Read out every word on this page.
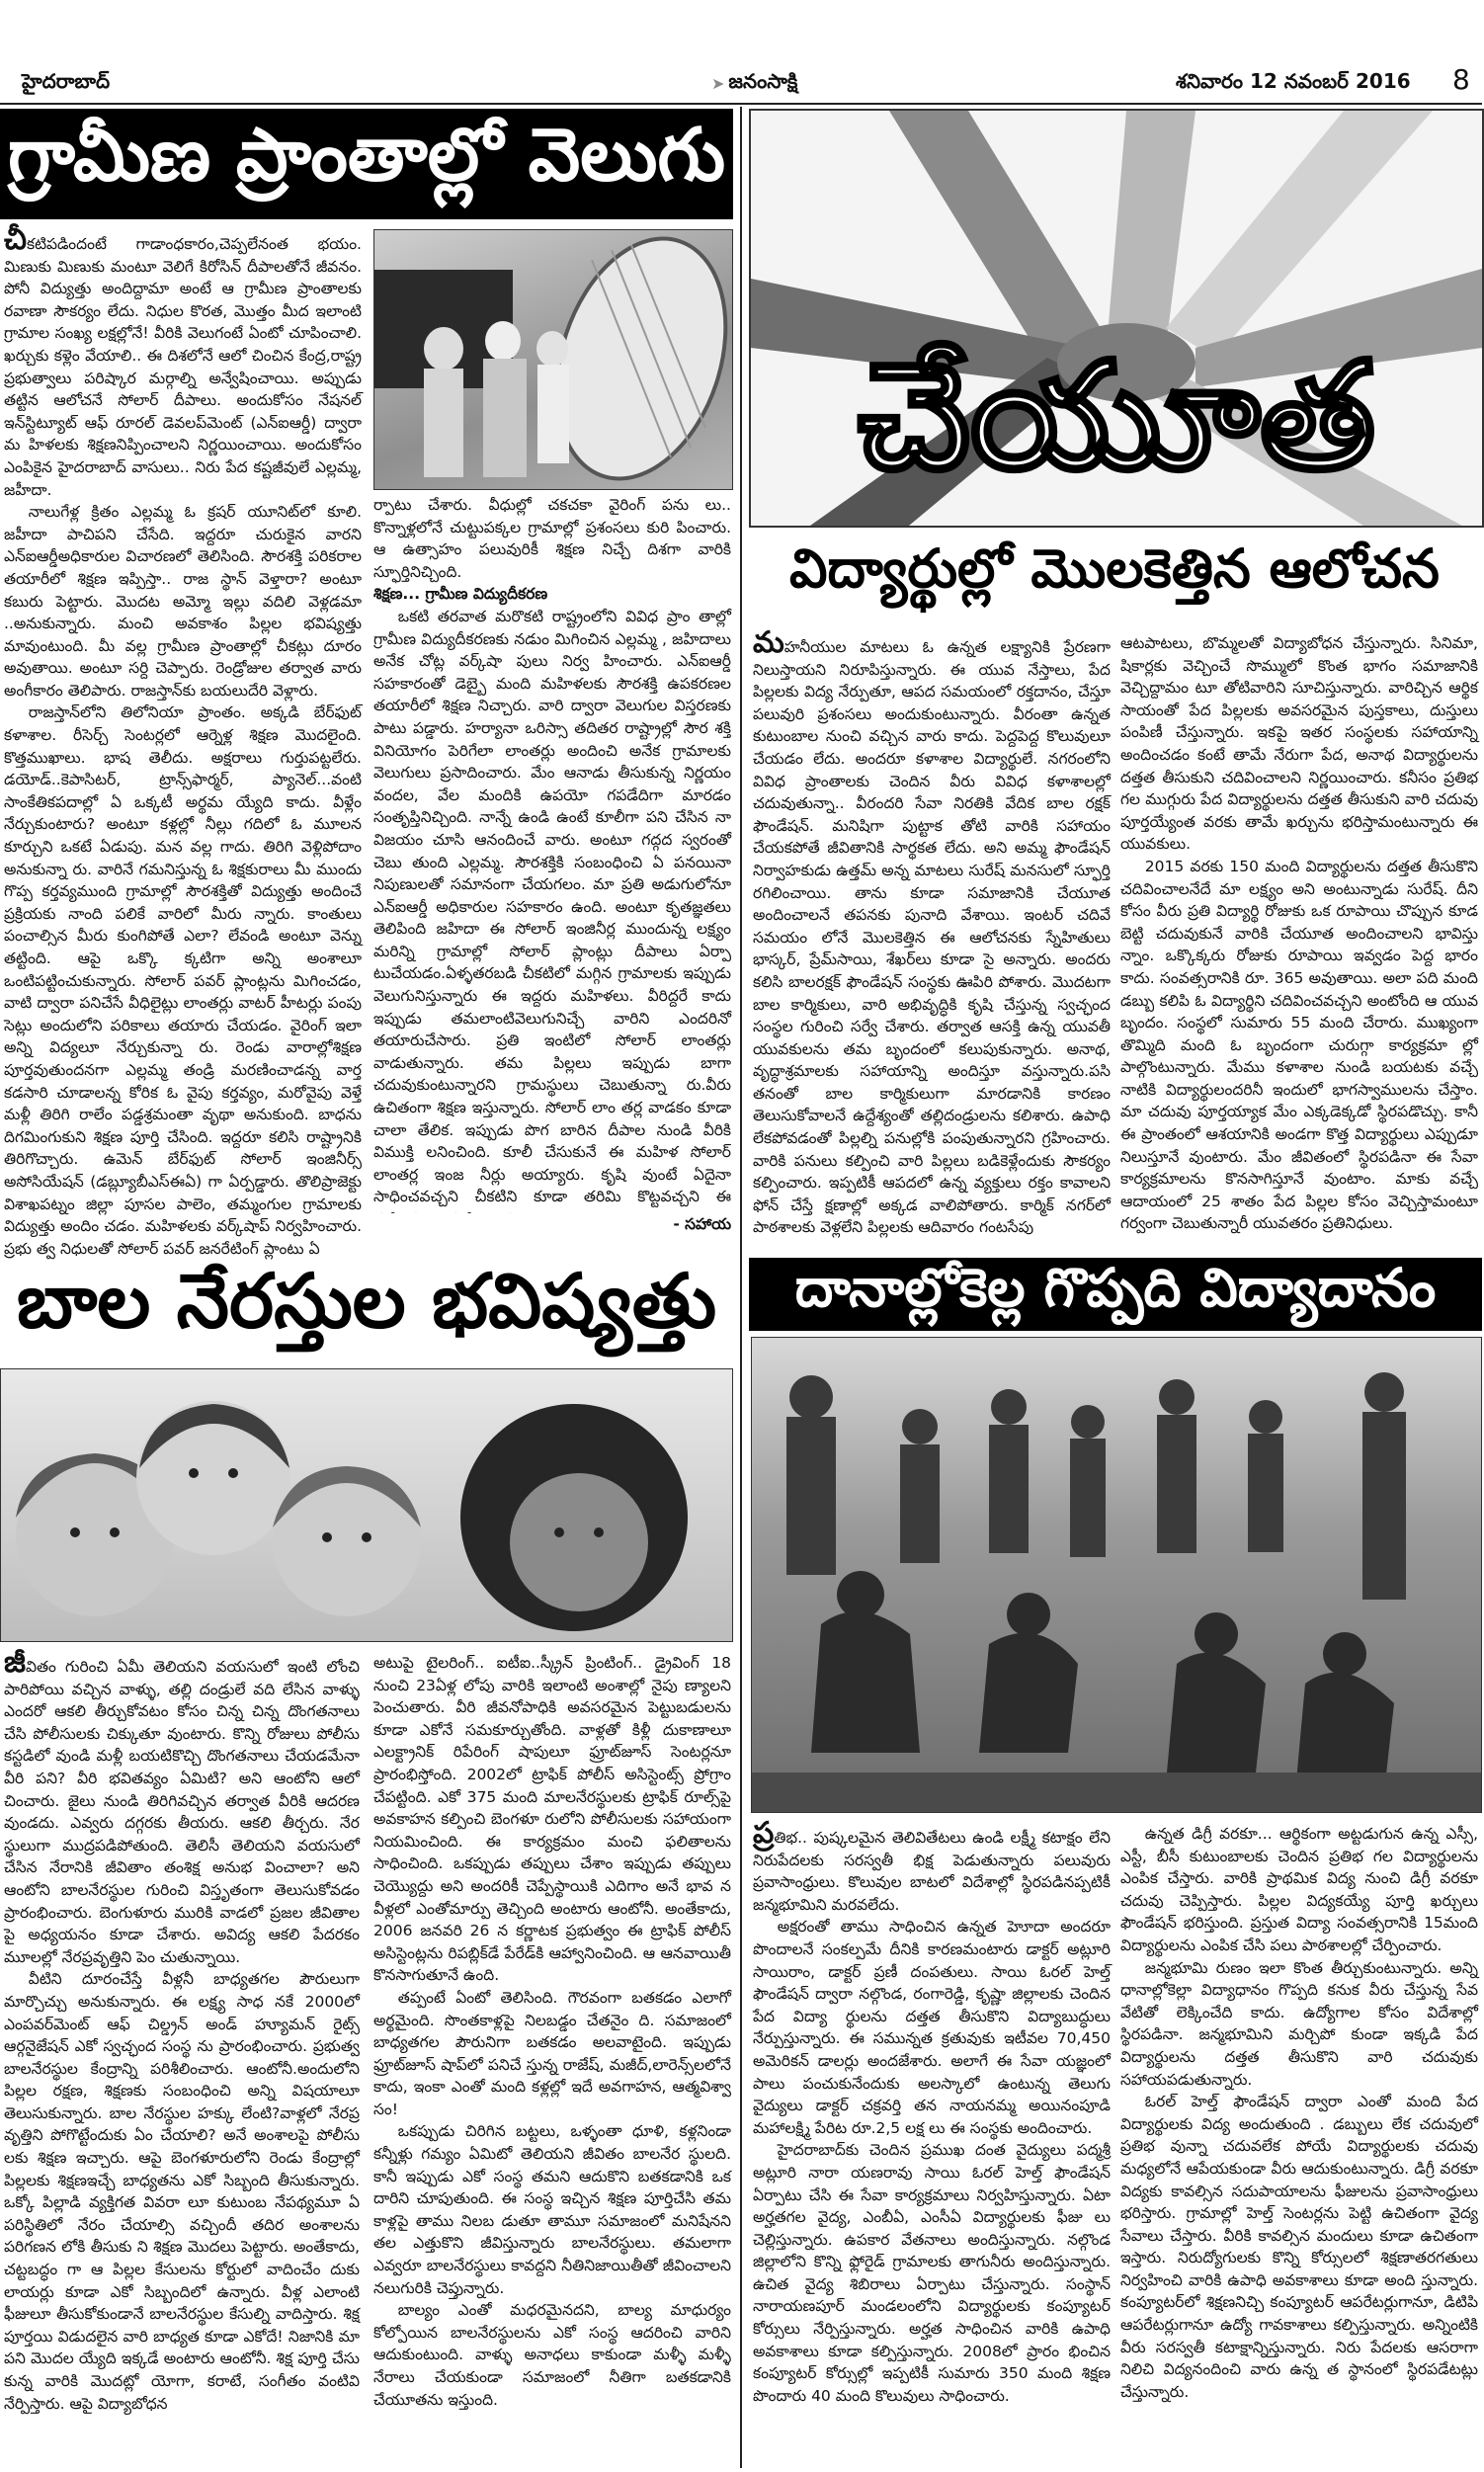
హైదరాబాద్	➤ జనంసాక్షి	శనివారం 12 నవంబర్ 2016 8
గ్రామీణ ప్రాంతాల్లో వెలుగు

చీకటిపడిందంటే గాడాంధకారం,చెప్పలేనంత భయం. మిణుకు మిణుకు మంటూ వెలిగే కిరోసిన్ దీపాలతోనే జీవనం. పోనీ విద్యుత్తు అందిద్దామా అంటే ఆ గ్రామీణ ప్రాంతాలకు రవాణా సౌకర్యం లేదు. నిధుల కొరత, మొత్తం మీద ఇలాంటి గ్రామాల సంఖ్య లక్షల్లోనే! వీరికి వెలుగంటే ఏంటో చూపించాలి. ఖర్చుకు కళ్లెం వేయాలి.. ఈ దిశలోనే ఆలో చించిన కేంద్ర,రాష్ట్ర ప్రభుత్వాలు పరిష్కార మర్గాల్ని అన్వేషించాయి. అప్పుడు తట్టిన ఆలోచనే సోలార్ దీపాలు. అందుకోసం నేషనల్ ఇన్‌స్టిట్యూట్ ఆఫ్ రూరల్ డెవలప్‌మెంట్ (ఎన్ఐఆర్డీ) ద్వారా మ హిళలకు శిక్షణనిప్పించాలని నిర్ణయించాయి. అందుకోసం ఎంపికైన హైదరాబాద్ వాసులు.. నిరు పేద కష్టజీవులే ఎల్లమ్మ, జహీదా.

నాలుగేళ్ల క్రితం ఎల్లమ్మ ఓ క్రషర్ యూనిట్‌లో కూలి. జహీదా పాచిపని చేసేది. ఇద్దరూ చురుకైన వారని ఎన్ఐఆర్డీఅధికారుల విచారణలో తెలిసింది. సౌరశక్తి పరికరాల తయారీలో శిక్షణ ఇప్పిస్తా.. రాజ స్థాన్ వెళ్తారా? అంటూ కబురు పెట్టారు. మొదట అమ్మో ఇల్లు వదిలి వెళ్లడమా ..అనుకున్నారు. మంచి అవకాశం పిల్లల భవిష్యత్తు మావుంటుంది. మీ వల్ల గ్రామీణ ప్రాంతాల్లో చీకట్లు దూరం అవుతాయి. అంటూ సర్ది చెప్పారు. రెండ్రోజుల తర్వాత వారు అంగీకారం తెలిపారు. రాజస్తాన్‌కు బయలుదేరి వెళ్లారు.

రాజస్తాన్‌లోని తిలోనియా ప్రాంతం. అక్కడి బేర్‌ఫుట్ కళాశాల. రీసెర్చ్ సెంటర్లలో ఆర్నెళ్ల శిక్షణ మొదలైంది. కొత్తముఖాలు. భాష తెలీదు. అక్షరాలు గుర్తుపట్టలేరు. డయోడ్..కెపాసిటర్, ట్రాన్స్‌ఫార్మర్, ప్యానెల్...వంటి సాంకేతికపదాల్లో ఏ ఒక్కటీ అర్థమ య్యేది కాదు. వీళ్లేం నేర్చుకుంటారు? అంటూ కళ్లల్లో నీల్లు గదిలో ఓ మూలన కూర్చుని ఒకటే ఏడుపు. మన వల్ల గాదు. తిరిగి వెళ్లిపోదాం అనుకున్నా రు. వారినే గమనిస్తున్న ఓ శిక్షకురాలు మీ ముందు గొప్ప కర్తవ్యముంది గ్రామాల్లో సౌరశక్తితో విద్యుత్తు అందించే ప్రక్రియకు నాంది పలికే వారిలో మీరు న్నారు. కాంతులు పంచాల్సిన మీరు కుంగిపోతే ఎలా? లేవండి అంటూ వెన్ను తట్టింది. ఆపై ఒక్కొ క్కటిగా అన్ని అంశాలూ ఒంటిపట్టించుకున్నారు. సోలార్ పవర్ ప్లాంట్లను మిగించడం, వాటి ద్వారా పనిచేసే వీధిలైట్లు లాంతర్లు వాటర్ హీటర్లు పంపు సెట్లు అందులోని పరికాలు తయారు చేయడం. వైరింగ్ ఇలా అన్ని విద్యలూ నేర్చుకున్నా రు. రెండు వారాల్లోశిక్షణ పూర్తవుతుందనగా ఎల్లమ్మ తండ్రి మరణించాడన్న వార్త కడసారి చూడాలన్న కోరిక ఓ వైపు కర్తవ్యం, మరోవైపు వెళ్తే మళ్లీ తిరిగి రాలేం పడ్డశ్రమంతా వృథా అనుకుంది. బాధను దిగమింగుకుని శిక్షణ పూర్తి చేసింది. ఇద్దరూ కలిసి రాష్ట్రానికి తిరిగొచ్చారు. ఉమెన్ బేర్‌ఫుట్ సోలార్ ఇంజినీర్స్ అసోసియేషన్ (డబ్ల్యూబీఎస్ఈఏ) గా ఏర్పడ్డారు. తొలిప్రాజెక్టు విశాఖపట్నం జిల్లా పూసల పాలెం, తమ్మంగుల గ్రామాలకు విద్యుత్తు అందిం చడం. మహిళలకు వర్క్‌షాప్ నిర్వహించారు. ప్రభు త్వ నిధులతో సోలార్ పవర్ జనరేటింగ్ ప్లాంటు ఏ

ర్పాటు చేశారు. వీధుల్లో చకచకా వైరింగ్ పను లు.. కొన్నాళ్లలోనే చుట్టుపక్కల గ్రామాల్లో ప్రశంసలు కురి పించారు. ఆ ఉత్సాహం పలువురికీ శిక్షణ నిచ్చే దిశగా వారికి స్ఫూర్తినిచ్చింది.

శిక్షణ... గ్రామీణ విద్యుదీకరణ

ఒకటి తరవాత మరొకటి రాష్ట్రంలోని వివిధ ప్రాం తాల్లో గ్రామీణ విద్యుదీకరణకు నడుం మిగించిన ఎల్లమ్మ , జహిదాలు అనేక చోట్ల వర్క్‌షా పులు నిర్వ హించారు. ఎన్ఐఆర్డీ సహకారంతో డెబ్బై మంది మహిళలకు సౌరశక్తి ఉపకరణల తయారీలో శిక్షణ నిచ్చారు. వారి ద్వారా వెలుగుల విస్తరణకు పాటు పడ్డారు. హర్యానా ఒరిస్సా తదితర రాష్ట్రాల్లో సౌర శక్తి వినియోగం పెరిగేలా లాంతర్లు అందించి అనేక గ్రామాలకు వెలుగులు ప్రసాదించారు. మేం ఆనాడు తీసుకున్న నిర్ణయం వందల, వేల మందికి ఉపయో గపడేదిగా మారడం సంతృప్తినిచ్చింది. నాన్నే ఉండి ఉంటే కూలీగా పని చేసిన నా విజయం చూసి ఆనందించే వారు. అంటూ గద్గద స్వరంతో చెబు తుంది ఎల్లమ్మ. సౌరశక్తికి సంబంధించి ఏ పనయినా నిపుణులతో సమానంగా చేయగలం. మా ప్రతి అడుగులోనూ ఎన్ఐఆర్డీ అధికారుల సహకారం ఉంది. అంటూ కృతజ్ఞతలు తెలిపింది జహిదా ఈ సోలార్ ఇంజినీర్ల ముందున్న లక్ష్యం మరిన్ని గ్రామాల్లో సోలార్ ప్లాంట్లు దీపాలు ఏర్పా టుచేయడం.ఏళ్ళతరబడి చీకటిలో మగ్గిన గ్రామాలకు ఇప్పుడు వెలుగునిస్తున్నారు ఈ ఇద్దరు మహిళలు. వీరిద్దరే కాదు ఇప్పుడు తమలాంటివెలుగునిచ్చే వారిని ఎందరినో తయారుచేసారు. ప్రతి ఇంటిలో సోలార్ లాంతర్లు వాడుతున్నారు. తమ పిల్లలు ఇప్పుడు బాగా చదువుకుంటున్నారని గ్రామస్థులు చెబుతున్నా రు.వీరు ఉచితంగా శిక్షణ ఇస్తున్నారు. సోలార్ లాం తర్ల వాడకం కూడా చాలా తేలిక. ఇప్పుడు పొగ బారిన దీపాల నుండి వీరికి విముక్తి లనించింది. కూలీ చేసుకునే ఈ మహిళ సోలార్ లాంతర్ల ఇంజ నీర్లు అయ్యారు. కృషి వుంటే ఏదైనా సాధించవచ్చని చీకటిని కూడా తరిమి కొట్టవచ్చని ఈ

- సహాయ
చేయూత
విద్యార్థుల్లో మొలకెత్తిన ఆలోచన

మహనీయుల మాటలు ఓ ఉన్నత లక్ష్యానికి ప్రేరణగా నిలుస్తాయని నిరూపిస్తున్నారు. ఈ యువ నేస్తాలు, పేద పిల్లలకు విద్య నేర్పుతూ, ఆపద సమయంలో రక్తదానం, చేస్తూ పలువురి ప్రశంసలు అందుకుంటున్నారు. వీరంతా ఉన్నత కుటుంబాల నుంచి వచ్చిన వారు కాదు. పెద్దపెద్ద కొలువులూ చేయడం లేదు. అందరూ కళాశాల విద్యార్థులే. నగరంలోని వివిధ ప్రాంతాలకు చెందిన వీరు వివిధ కళాశాలల్లో చదువుతున్నా.. వీరందరి సేవా నిరతికి వేదిక బాల రక్షక్ ఫౌండేషన్. మనిషిగా పుట్టాక తోటి వారికి సహాయం చేయకపోతే జీవితానికి సార్థకత లేదు. అని అమ్మ ఫౌండేషన్ నిర్వాహకుడు ఉత్తమ్ అన్న మాటలు సురేష్ మనసులో స్ఫూర్తి రగిలించాయి. తాను కూడా సమాజానికి చేయూత అందించాలనే తపనకు పునాది వేశాయి. ఇంటర్ చదివే సమయం లోనే మొలకెత్తిన ఈ ఆలోచనకు స్నేహితులు భాస్కర్, ప్రేమ్‌సాయి, శేఖర్‌లు కూడా సై అన్నారు. అందరు కలిసి బాలరక్షక్ ఫౌండేషన్ సంస్థకు ఊపిరి పోశారు. మొదటగా బాల కార్మికులు, వారి అభివృద్ధికి కృషి చేస్తున్న స్వచ్ఛంద సంస్థల గురించి సర్వే చేశారు. తర్వాత ఆసక్తి ఉన్న యువతీ యువకులను తమ బృందంలో కలుపుకున్నారు. అనాథ, వృద్ధాశ్రమాలకు సహాయాన్ని అందిస్తూ వస్తున్నారు.పసి తనంతో బాల కార్మికులుగా మారడానికి కారణం తెలుసుకోవాలనే ఉద్దేశ్యంతో తల్లిదండ్రులను కలిశారు. ఉపాధి లేకపోవడంతో పిల్లల్ని పనుల్లోకి పంపుతున్నారని గ్రహించారు. వారికి పనులు కల్పించి వారి పిల్లలు బడికెళ్లేందుకు సౌకర్యం కల్పించారు. ఇప్పటికీ ఆపదలో ఉన్న వ్యక్తులు రక్తం కావాలని ఫోన్ చేస్తే క్షణాల్లో అక్కడ వాలిపోతారు. కార్మిక్ నగర్‌లో పాఠశాలకు వెళ్లలేని పిల్లలకు ఆదివారం గంటసేపు

ఆటపాటలు, బొమ్మలతో విద్యాబోధన చేస్తున్నారు. సినిమా, షికార్లకు వెచ్చించే సొమ్ములో కొంత భాగం సమాజానికి వెచ్చిద్దామం టూ తోటివారిని సూచిస్తున్నారు. వారిచ్చిన ఆర్థిక సాయంతో పేద పిల్లలకు అవసరమైన పుస్తకాలు, దుస్తులు పంపిణీ చేస్తున్నారు. ఇకపై ఇతర సంస్థలకు సహాయాన్ని అందించడం కంటే తామే నేరుగా పేద, అనాథ విద్యార్థులను దత్తత తీసుకుని చదివించాలని నిర్ణయించారు. కనీసం ప్రతిభ గల ముగ్గురు పేద విద్యార్థులను దత్తత తీసుకుని వారి చదువు పూర్తయ్యేంత వరకు తామే ఖర్చును భరిస్తామంటున్నారు ఈ యువకులు.

2015 వరకు 150 మంది విద్యార్థులను దత్తత తీసుకొని చదివించాలనేదే మా లక్ష్యం అని అంటున్నాడు సురేష్. దీని కోసం వీరు ప్రతి విద్యార్థి రోజుకు ఒక రూపాయి చొప్పున కూడ బెట్టి చదువుకునే వారికి చేయూత అందించాలని భావిస్తు న్నాం. ఒక్కొక్కరు రోజుకు రూపాయి ఇవ్వడం పెద్ద భారం కాదు. సంవత్సరానికి రూ. 365 అవుతాయి. అలా పది మంది డబ్బు కలిపి ఓ విద్యార్థిని చదివించవచ్చని అంటోంది ఆ యువ బృందం. సంస్థలో సుమారు 55 మంది చేరారు. ముఖ్యంగా తొమ్మిది మంది ఓ బృందంగా చురుగ్గా కార్యక్రమా ల్లో పాల్గొంటున్నారు. మేము కళాశాల నుండి బయటకు వచ్చే నాటికి విద్యార్థులందరినీ ఇందులో భాగస్వాములను చేస్తాం. మా చదువు పూర్తయ్యాక మేం ఎక్కడెక్కడో స్థిరపడొచ్చు. కానీ ఈ ప్రాంతంలో ఆశయానికి అండగా కొత్త విద్యార్థులు ఎప్పుడూ నిలుస్తూనే వుంటారు. మేం జీవితంలో స్థిరపడినా ఈ సేవా కార్యక్రమాలను కొనసాగిస్తూనే వుంటాం. మాకు వచ్చే ఆదాయంలో 25 శాతం పేద పిల్లల కోసం వెచ్చిస్తామంటూ గర్వంగా చెబుతున్నారీ యువతరం ప్రతినిధులు.

బాల నేరస్తుల భవిష్యత్తు

జీవితం గురించి ఏమీ తెలియని వయసులో ఇంటి లోంచి పారిపోయి వచ్చిన వాళ్ళు, తల్లి దండ్రులే వది లేసిన వాళ్ళు ఎందరో ఆకలి తీర్చుకోవటం కోసం చిన్న చిన్న దొంగతనాలు చేసి పోలీసులకు చిక్కుతూ వుంటారు. కొన్ని రోజులు పోలీసు కస్టడిలో వుండి మళ్లీ బయటికొచ్చి దొంగతనాలు చేయడమేనా వీరి పని? వీరి భవితవ్యం ఏమిటి? అని ఆంటోని ఆలో చించారు. జైలు నుండి తిరిగివచ్చిన తర్వాత వీరికి ఆదరణ వుండదు. ఎవ్వరు దగ్గరకు తీయరు. ఆకలి తీర్చరు. నేర స్థులుగా ముద్రపడిపోతుంది. తెలిసీ తెలియని వయసులో చేసిన నేరానికి జీవితాం తంశిక్ష అనుభ వించాలా? అని ఆంటోని బాలనేరస్థుల గురించి విస్తృతంగా తెలుసుకోవడం ప్రారంభించారు. బెంగుళూరు మురికి వాడలో ప్రజల జీవితాల పై అధ్యయనం కూడా చేశారు. అవిద్య ఆకలి పేదరకం మూలల్లో నేరప్రవృత్తిని పెం చుతున్నాయి.

వీటిని దూరంచేస్తే వీళ్లనీ బాధ్యతగల పౌరులుగా మార్చొచ్చు అనుకున్నారు. ఈ లక్ష్య సాధ నకే 2000లో ఎంపవర్‌మెంట్ ఆఫ్ చిల్డ్రన్ అండ్ హ్యూమన్ రైట్స్ ఆర్గనైజేషన్ ఎకో స్వచ్ఛంద సంస్థ ను ప్రారంభించారు. ప్రభుత్వ బాలనేరస్థుల కేంద్రాన్ని పరిశీలించారు. ఆంటోనీ.అందులోని పిల్లల రక్షణ, శిక్షణకు సంబంధించి అన్ని విషయాలూ తెలుసుకున్నారు. బాల నేరస్థుల హక్కు లేంటి?వాళ్లలో నేరప్ర వృత్తిని పోగొట్టేందుకు ఏం చేయాలి? అనే అంశాలపై పోలీసు లకు శిక్షణ ఇచ్చారు. ఆపై బెంగళూరులోని రెండు కేంద్రాల్లో పిల్లలకు శిక్షణఇచ్చే బాధ్యతను ఎకో సిబ్బంది తీసుకున్నారు. ఒక్కో పిల్లాడి వ్యక్తిగత వివరా లూ కుటుంబ నేపథ్యమూ ఏ పరిస్థితిలో నేరం చేయాల్సి వచ్చిందీ తదిర అంశాలను పరిగణన లోకి తీసుకు ని శిక్షణ మొదలు పెట్టారు. అంతేకాదు, చట్టబద్ధం గా ఆ పిల్లల కేసులను కోర్టులో వాదించేం దుకు లాయర్లు కూడా ఎకో సిబ్బందిలో ఉన్నారు. వీళ్ల ఎలాంటి ఫీజులూ తీసుకోకుండానే బాలనేరస్థుల కేసుల్ని వాదిస్తారు. శిక్ష పూర్తయి విడుదలైన వారి బాధ్యత కూడా ఎకోదే! నిజానికి మా పని మొదల య్యేది ఇక్కడే అంటారు ఆంటోనీ. శిక్ష పూర్తి చేసు కున్న వారికి మొదట్లో యోగా, కరాటే, సంగీతం వంటివి నేర్పిస్తారు. ఆపై విద్యాబోధన

అటుపై టైలరింగ్.. ఐటీఐ..స్క్రీన్ ప్రింటింగ్.. డ్రైవింగ్ 18 నుంచి 23ఏళ్ల లోపు వారికి ఇలాంటి అంశాల్లో నైపు ణ్యాలని పెంచుతారు. వీరి జీవనోపాధికి అవసరమైన పెట్టుబడులను కూడా ఎకోనే సమకూర్చుతోంది. వాళ్లతో కిళ్లీ దుకాణాలూ ఎలక్ట్రానిక్ రిపేరింగ్ షాపులూ ఫ్రూట్‌జూస్ సెంటర్లనూ ప్రారంభిస్తోంది. 2002లో ట్రాఫిక్ పోలీస్ అసిస్టెంట్స్ ప్రోగ్రాం చేపట్టింది. ఎకో 375 మంది మాలనేరస్థులకు ట్రాఫిక్ రూల్స్‌పై అవకాహన కల్పించి బెంగళూ రులోని పోలీసులకు సహాయంగా నియమించింది. ఈ కార్యక్రమం మంచి ఫలితాలను సాధించింది. ఒకప్పుడు తప్పులు చేశాం ఇప్పుడు తప్పులు చెయ్యొద్దు అని అందరికీ చెప్పేస్థాయికి ఎదిగాం అనే భావ న వీళ్లలో ఎంతోమార్పు తెచ్చింది అంటారు ఆంటోనీ. అంతేకాదు, 2006 జనవరి 26 న కర్ణాటక ప్రభుత్వం ఈ ట్రాఫిక్ పోలీస్ అసిస్టెంట్లను రిపబ్లిక్‌డే పేరేడ్‌కి ఆహ్వానించింది. ఆ ఆనవాయితీ కొనసాగుతూనే ఉంది.

తప్పంటే ఏంటో తెలిసింది. గౌరవంగా బతకడం ఎలాగో అర్థమైంది. సొంతకాళ్లపై నిలబడ్డం చేతనైం ది. సమాజంలో బాధ్యతగల పౌరునిగా బతకడం అలవాటైంది. ఇప్పుడు ఫ్రూట్‌జూస్ షాప్‌లో పనిచే స్తున్న రాజేష్, మజీద్,లారెన్స్‌లలోనే కాదు, ఇంకా ఎంతో మంది కళ్లల్లో ఇదే అవగాహన, ఆత్మవిశ్వా సం!

ఒకప్పుడు చిరిగిన బట్టలు, ఒళ్ళంతా ధూళి, కళ్లనిండా కన్నీళ్లు గమ్యం ఏమిటో తెలియని జీవితం బాలనేర స్థులది. కానీ ఇప్పుడు ఎకో సంస్థ తమని ఆదుకొని బతకడానికి ఒక దారిని చూపుతుంది. ఈ సంస్థ ఇచ్చిన శిక్షణ పూర్తిచేసి తమ కాళ్లపై తాము నిలబ డుతూ తామూ సమాజంలో మనిషేనని తల ఎత్తుకొని జీవిస్తున్నారు బాలనేరస్థులు. తమలాగా ఎవ్వరూ బాలనేరస్థులు కావద్దని నీతినిజాయితీతో జీవించాలని నలుగురికి చెప్తున్నారు.

బాల్యం ఎంతో మధరమైనదని, బాల్య మాధుర్యం కోల్పోయిన బాలనేరస్థులను ఎకో సంస్థ ఆదరించి వారిని ఆదుకుంటుంది. వాళ్ళు అనాధలు కాకుండా మళ్ళీ మళ్ళీ నేరాలు చేయకుండా సమాజంలో నీతిగా బతకడానికి చేయూతను ఇస్తుంది.

దానాల్లోకెల్ల గొప్పది విద్యాదానం

ప్రతిభ.. పుష్కలమైన తెలివితేటలు ఉండి లక్ష్మీ కటాక్షం లేని నిరుపేదలకు సరస్వతీ భిక్ష పెడుతున్నారు పలువురు ప్రవాసాంధ్రులు. కొలువుల బాటలో విదేశాల్లో స్థిరపడినప్పటికీ జన్మభూమిని మరవలేదు.

అక్షరంతో తాము సాధించిన ఉన్నత హెూదా అందరూ పొందాలనే సంకల్పమే దీనికి కారణమంటారు డాక్టర్ అట్లూరి సాయిరాం, డాక్టర్ ప్రణీ దంపతులు. సాయి ఓరల్ హెల్త్ ఫౌండేషన్ ద్వారా నల్గొండ, రంగారెడ్డి, కృష్ణా జిల్లాలకు చెందిన పేద విద్యా ర్థులను దత్తత తీసుకొని విద్యాబుద్ధులు నేర్పుస్తున్నారు. ఈ సమున్నత క్రతువుకు ఇటీవల 70,450 అమెరికన్ డాలర్లు అందజేశారు. అలాగే ఈ సేవా యజ్ఞంలో పాలు పంచుకునేందుకు అలస్కాలో ఉంటున్న తెలుగు వైద్యులు డాక్టర్ చక్రవర్తి తన నాయనమ్మ అయినంపూడి మహాలక్ష్మి పేరిట రూ.2,5 లక్ష లు ఈ సంస్థకు అందించారు.

హైదరాబాద్‌కు చెందిన ప్రముఖ దంత వైద్యులు పద్మశ్రీ అట్లూరి నారా యణరావు సాయి ఓరల్ హెల్త్ ఫౌండేషన్ ఏర్పాటు చేసి ఈ సేవా కార్యక్రమాలు నిర్వహిస్తున్నారు. ఏటా అర్హతగల వైద్య, ఎంబీఏ, ఎంసీఏ విద్యార్థులకు ఫీజు లు చెల్లిస్తున్నారు. ఉపకార వేతనాలు అందిస్తున్నారు. నల్గొండ జిల్లాలోని కొన్ని ఫ్లోరైడ్ గ్రామాలకు తాగునీరు అందిస్తున్నారు. ఉచిత వైద్య శిబిరాలు ఏర్పాటు చేస్తున్నారు. సంస్థాన్ నారాయణపూర్ మండలంలోని విద్యార్థులకు కంప్యూటర్ కోర్సులు నేర్పిస్తున్నారు. అర్హత సాధించిన వారికి ఉపాధి అవకాశాలు కూడా కల్పిస్తున్నారు. 2008లో ప్రారం భించిన కంప్యూటర్ కోర్సుల్లో ఇప్పటికీ సుమారు 350 మంది శిక్షణ పొందారు 40 మంది కొలువులు సాధించారు.

ఉన్నత డిగ్రీ వరకూ... ఆర్థికంగా అట్టడుగున ఉన్న ఎస్సీ, ఎస్టీ, బీసీ కుటుంబాలకు చెందిన ప్రతిభ గల విద్యార్థులను ఎంపిక చేస్తారు. వారికి ప్రాథమిక విద్య నుంచి డిగ్రీ వరకూ చదువు చెప్పిస్తారు. పిల్లల విద్యకయ్యే పూర్తి ఖర్చులు ఫౌండేషన్ భరిస్తుంది. ప్రస్తుత విద్యా సంవత్సరానికి 15మంది విద్యార్థులను ఎంపిక చేసి పలు పాఠశాలల్లో చేర్పించారు.

జన్మభూమి రుణం ఇలా కొంత తీర్చుకుంటున్నారు. అన్ని ధానాల్లోకెల్లా విద్యాధానం గొప్పది కనుక వీరు చేస్తున్న సేవ వేటితో లెక్కించేది కాదు. ఉద్యోగాల కోసం విదేశాల్లో స్థిరపడినా. జన్మభూమిని మర్చిపో కుండా ఇక్కడి పేద విద్యార్థులను దత్తత తీసుకొని వారి చదువుకు సహాయపడుతున్నారు.

ఓరల్ హెల్త్ ఫౌండేషన్ ద్వారా ఎంతో మంది పేద విద్యార్థులకు విద్య అందుతుంది . డబ్బులు లేక చదువులో ప్రతిభ వున్నా చదువలేక పోయే విద్యార్థులకు చదువు మధ్యలోనే ఆపేయకుండా వీరు ఆదుకుంటున్నారు. డిగ్రీ వరకూ విద్యకు కావల్సిన సదుపాయాలను ఫీజులను ప్రవాసాంధ్రులు భరిస్తారు. గ్రామాల్లో హెల్త్ సెంటర్లను పెట్టి ఉచితంగా వైద్య సేవాలు చేస్తారు. వీరికి కావల్సిన మందులు కూడా ఉచితంగా ఇస్తారు. నిరుద్యోగులకు కొన్ని కోర్సులలో శిక్షణాతరగతులు నిర్వహించి వారికి ఉపాధి అవకాశాలు కూడా అంది స్తున్నారు. కంప్యూటర్‌లో శిక్షణనిచ్చి కంప్యూటర్ ఆపరేటర్లుగానూ, డిటిపి ఆపరేటర్లుగానూ ఉద్యో గావకాశాలు కల్పిస్తున్నారు. అన్నింటికి వీరు సరస్వతీ కటాక్షాన్నిస్తున్నారు. నిరు పేదలకు ఆసరాగా నిలిచి విద్యనందించి వారు ఉన్న త స్థానంలో స్థిరపడేటట్లు చేస్తున్నారు.
